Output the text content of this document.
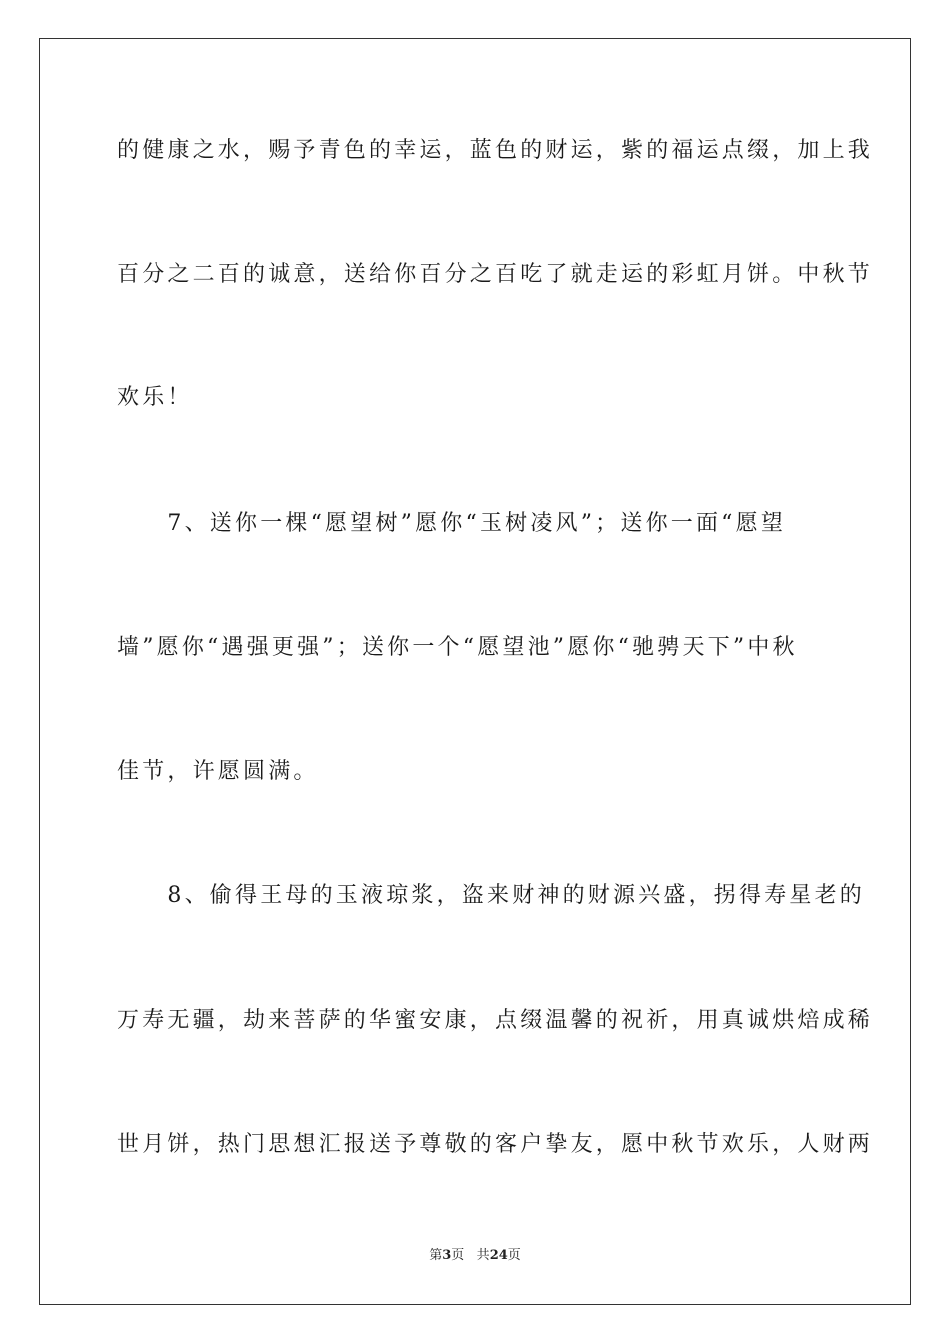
的健康之水，赐予青色的幸运，蓝色的财运，紫的福运点缀，加上我
百分之二百的诚意，送给你百分之百吃了就走运的彩虹月饼。中秋节
欢乐！
　　7、送你一棵“愿望树”愿你“玉树凌风”；送你一面“愿望
墙”愿你“遇强更强”；送你一个“愿望池”愿你“驰骋天下”中秋
佳节，许愿圆满。
　　8、偷得王母的玉液琼浆，盗来财神的财源兴盛，拐得寿星老的
万寿无疆，劫来菩萨的华蜜安康，点缀温馨的祝祈，用真诚烘焙成稀
世月饼，热门思想汇报送予尊敬的客户挚友，愿中秋节欢乐，人财两
第3页 共24页
